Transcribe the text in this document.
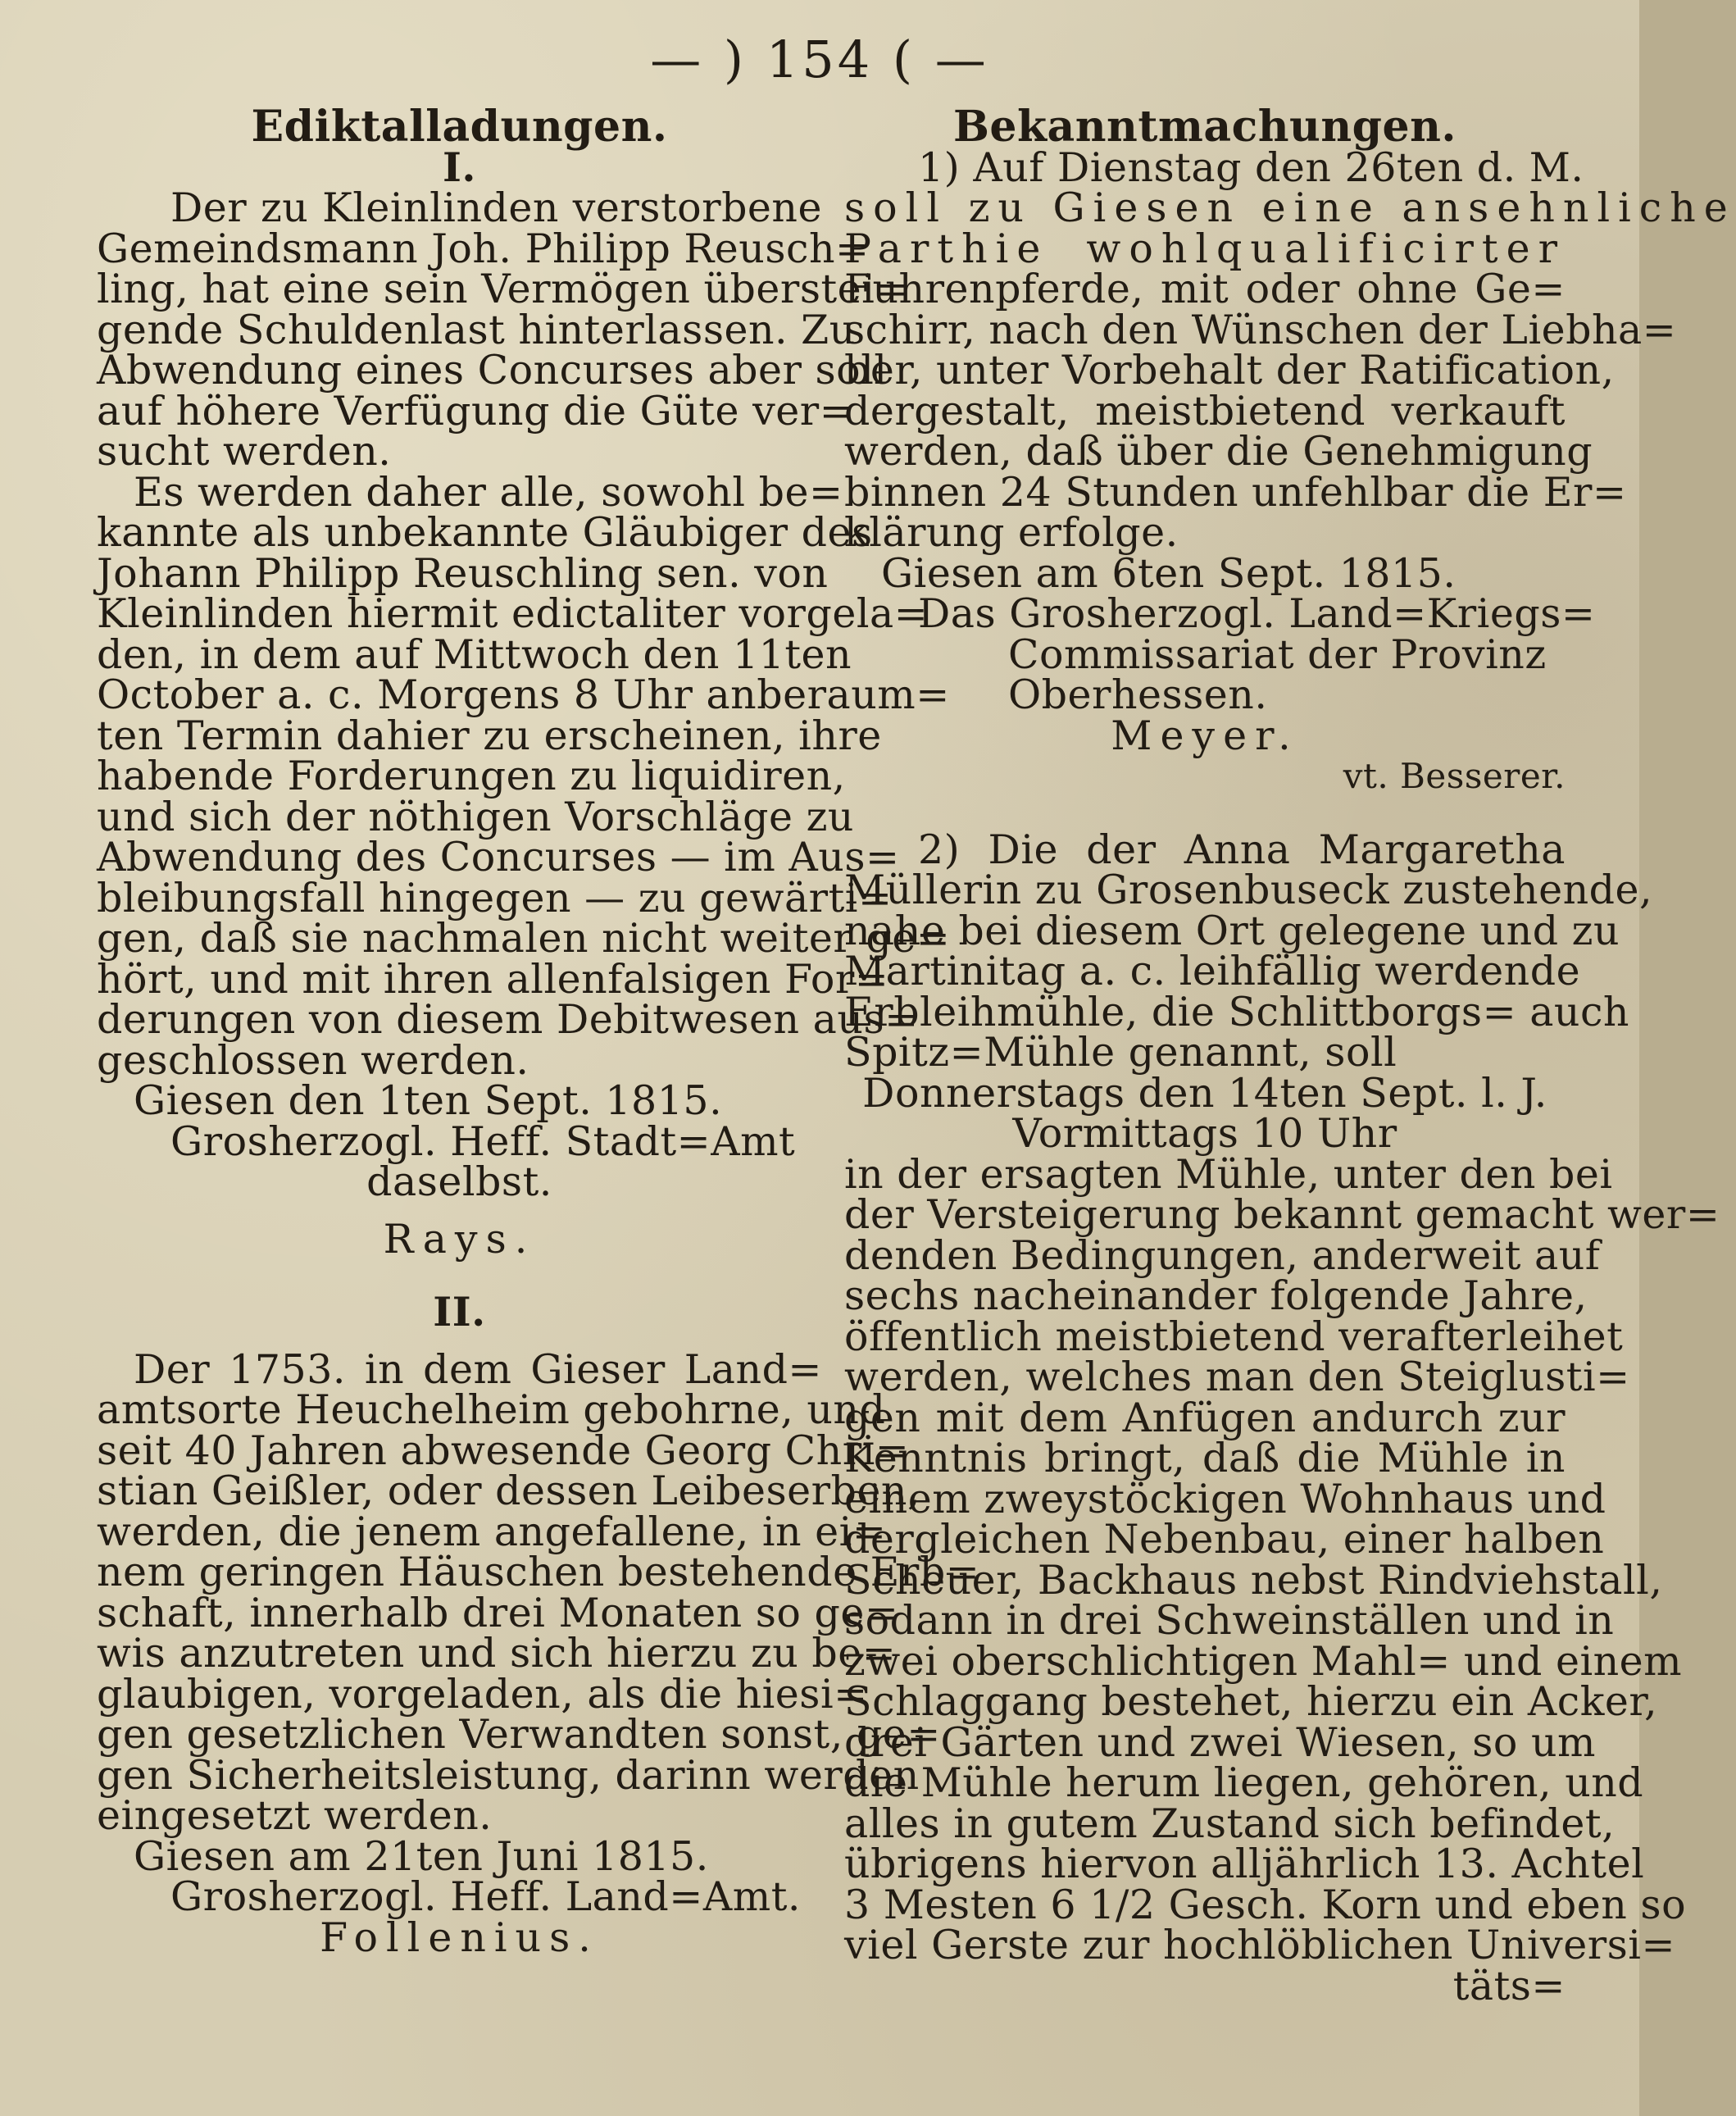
— ) 154 ( —
Ediktalladungen.
I.
Der zu Kleinlinden verstorbene
Gemeindsmann Joh. Philipp Reusch=
ling, hat eine sein Vermögen überstei=
gende Schuldenlast hinterlassen. Zu
Abwendung eines Concurses aber soll
auf höhere Verfügung die Güte ver=
sucht werden.
Es werden daher alle, sowohl be=
kannte als unbekannte Gläubiger des
Johann Philipp Reuschling sen. von
Kleinlinden hiermit edictaliter vorgela=
den, in dem auf Mittwoch den 11ten
October a. c. Morgens 8 Uhr anberaum=
ten Termin dahier zu erscheinen, ihre
habende Forderungen zu liquidiren,
und sich der nöthigen Vorschläge zu
Abwendung des Concurses — im Aus=
bleibungsfall hingegen — zu gewärti=
gen, daß sie nachmalen nicht weiter ge=
hört, und mit ihren allenfalsigen For=
derungen von diesem Debitwesen aus=
geschlossen werden.
Giesen den 1ten Sept. 1815.
Grosherzogl. Heff. Stadt=Amt
daselbst.
Rays.
II.
Der 1753. in dem Gieser Land=
amtsorte Heuchelheim gebohrne, und
seit 40 Jahren abwesende Georg Chri=
stian Geißler, oder dessen Leibeserben,
werden, die jenem angefallene, in ei=
nem geringen Häuschen bestehende Erb=
schaft, innerhalb drei Monaten so ge=
wis anzutreten und sich hierzu zu be=
glaubigen, vorgeladen, als die hiesi=
gen gesetzlichen Verwandten sonst, ge=
gen Sicherheitsleistung, darinn werden
eingesetzt werden.
Giesen am 21ten Juni 1815.
Grosherzogl. Heff. Land=Amt.
Follenius.
Bekanntmachungen.
1) Auf Dienstag den 26ten d. M.
soll zu Giesen eine ansehnliche
Parthie wohlqualificirter
Fuhrenpferde, mit oder ohne Ge=
schirr, nach den Wünschen der Liebha=
ber, unter Vorbehalt der Ratification,
dergestalt, meistbietend verkauft
werden, daß über die Genehmigung
binnen 24 Stunden unfehlbar die Er=
klärung erfolge.
Giesen am 6ten Sept. 1815.
Das Grosherzogl. Land=Kriegs=
Commissariat der Provinz
Oberhessen.
Meyer.
vt. Besserer.
2) Die der Anna Margaretha
Müllerin zu Grosenbuseck zustehende,
nahe bei diesem Ort gelegene und zu
Martinitag a. c. leihfällig werdende
Erbleihmühle, die Schlittborgs= auch
Spitz=Mühle genannt, soll
Donnerstags den 14ten Sept. l. J.
Vormittags 10 Uhr
in der ersagten Mühle, unter den bei
der Versteigerung bekannt gemacht wer=
denden Bedingungen, anderweit auf
sechs nacheinander folgende Jahre,
öffentlich meistbietend verafterleihet
werden, welches man den Steiglusti=
gen mit dem Anfügen andurch zur
Kenntnis bringt, daß die Mühle in
einem zweystöckigen Wohnhaus und
dergleichen Nebenbau, einer halben
Scheuer, Backhaus nebst Rindviehstall,
sodann in drei Schweinställen und in
zwei oberschlichtigen Mahl= und einem
Schlaggang bestehet, hierzu ein Acker,
drei Gärten und zwei Wiesen, so um
die Mühle herum liegen, gehören, und
alles in gutem Zustand sich befindet,
übrigens hiervon alljährlich 13. Achtel
3 Mesten 6 1/2 Gesch. Korn und eben so
viel Gerste zur hochlöblichen Universi=
täts=
